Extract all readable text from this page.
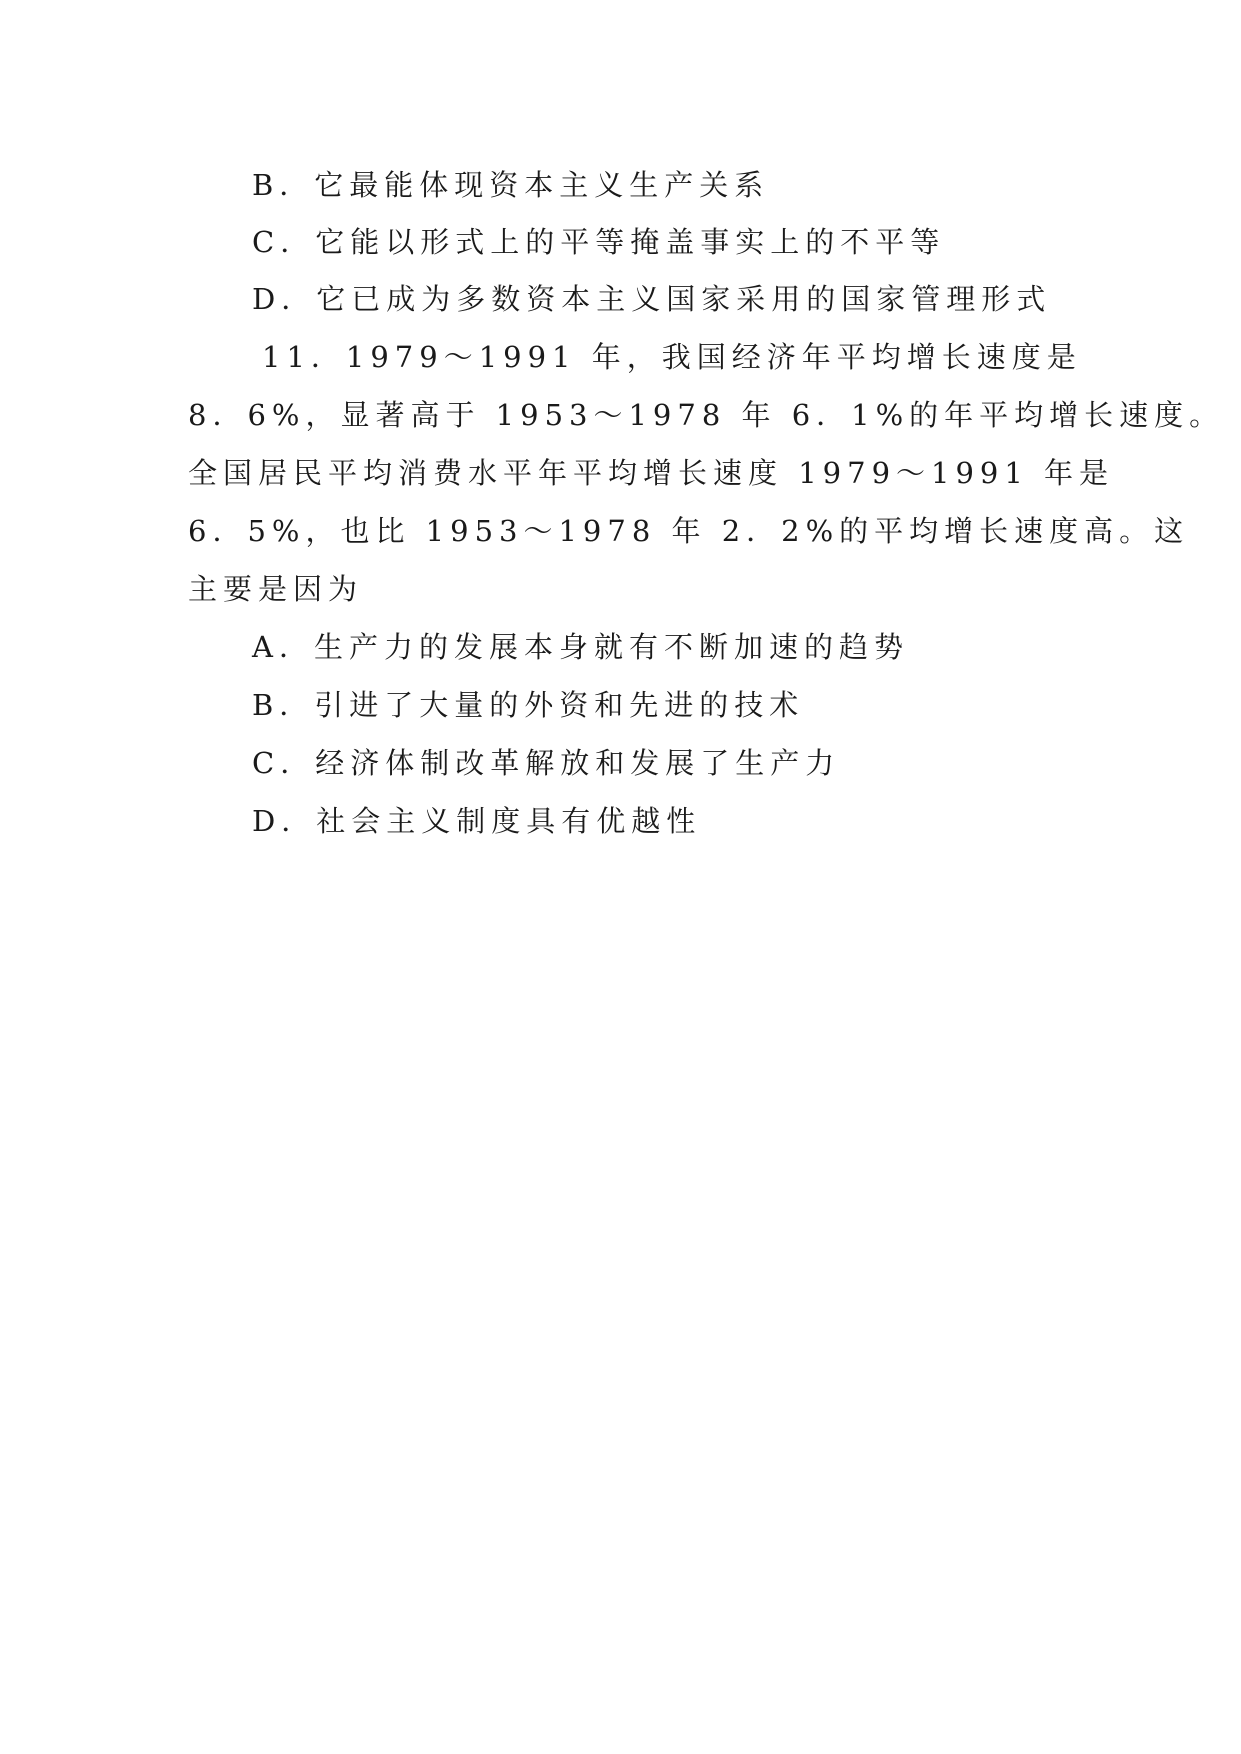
B．它最能体现资本主义生产关系
C．它能以形式上的平等掩盖事实上的不平等
D．它已成为多数资本主义国家采用的国家管理形式
11．1979～1991 年，我国经济年平均增长速度是
8．6%，显著高于 1953～1978 年 6．1%的年平均增长速度。
全国居民平均消费水平年平均增长速度 1979～1991 年是
6．5%，也比 1953～1978 年 2．2%的平均增长速度高。这
主要是因为
A．生产力的发展本身就有不断加速的趋势
B．引进了大量的外资和先进的技术
C．经济体制改革解放和发展了生产力
D．社会主义制度具有优越性
